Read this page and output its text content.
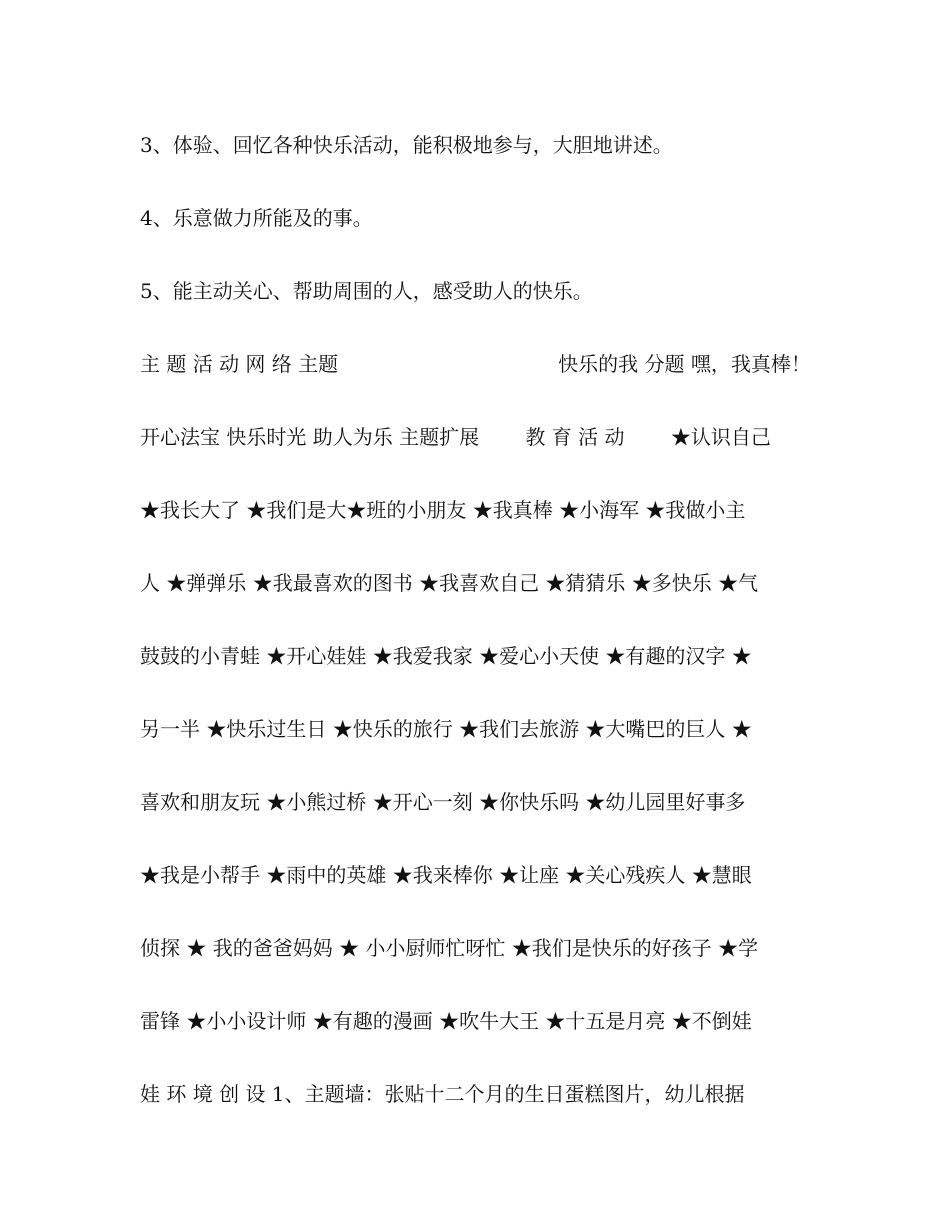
3、体验、回忆各种快乐活动，能积极地参与，大胆地讲述。
4、乐意做力所能及的事。
5、能主动关心、帮助周围的人，感受助人的快乐。
主 题 活 动 网 络 主题　　　　　　　　　　　快乐的我 分题 嘿，我真棒！
开心法宝 快乐时光 助人为乐 主题扩展　　 教 育 活 动　　 ★认识自己
★我长大了 ★我们是大★班的小朋友 ★我真棒 ★小海军 ★我做小主
人 ★弹弹乐 ★我最喜欢的图书 ★我喜欢自己 ★猜猜乐 ★多快乐 ★气
鼓鼓的小青蛙 ★开心娃娃 ★我爱我家 ★爱心小天使 ★有趣的汉字 ★
另一半 ★快乐过生日 ★快乐的旅行 ★我们去旅游 ★大嘴巴的巨人 ★
喜欢和朋友玩 ★小熊过桥 ★开心一刻 ★你快乐吗 ★幼儿园里好事多
★我是小帮手 ★雨中的英雄 ★我来棒你 ★让座 ★关心残疾人 ★慧眼
侦探 ★ 我的爸爸妈妈 ★ 小小厨师忙呀忙 ★我们是快乐的好孩子 ★学
雷锋 ★小小设计师 ★有趣的漫画 ★吹牛大王 ★十五是月亮 ★不倒娃
娃 环 境 创 设 1、主题墙：张贴十二个月的生日蛋糕图片，幼儿根据
